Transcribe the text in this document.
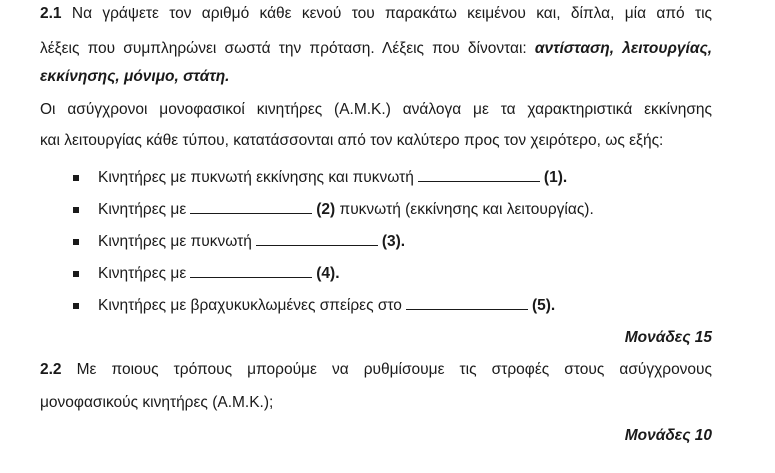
2.1 Να γράψετε τον αριθμό κάθε κενού του παρακάτω κειμένου και, δίπλα, μία από τις
λέξεις που συμπληρώνει σωστά την πρόταση. Λέξεις που δίνονται: αντίσταση, λειτουργίας,
εκκίνησης, μόνιμο, στάτη.
Οι ασύγχρονοι μονοφασικοί κινητήρες (Α.Μ.Κ.) ανάλογα με τα χαρακτηριστικά εκκίνησης
και λειτουργίας κάθε τύπου, κατατάσσονται από τον καλύτερο προς τον χειρότερο, ως εξής:
Κινητήρες με πυκνωτή εκκίνησης και πυκνωτή	(1).
Κινητήρες με	(2) πυκνωτή (εκκίνησης και λειτουργίας).
Κινητήρες με πυκνωτή	(3).
Κινητήρες με	(4).
Κινητήρες με βραχυκυκλωμένες σπείρες στο	(5).
Μονάδες 15
2.2 Με ποιους τρόπους μπορούμε να ρυθμίσουμε τις στροφές στους ασύγχρονους
μονοφασικούς κινητήρες (Α.Μ.Κ.);
Μονάδες 10
